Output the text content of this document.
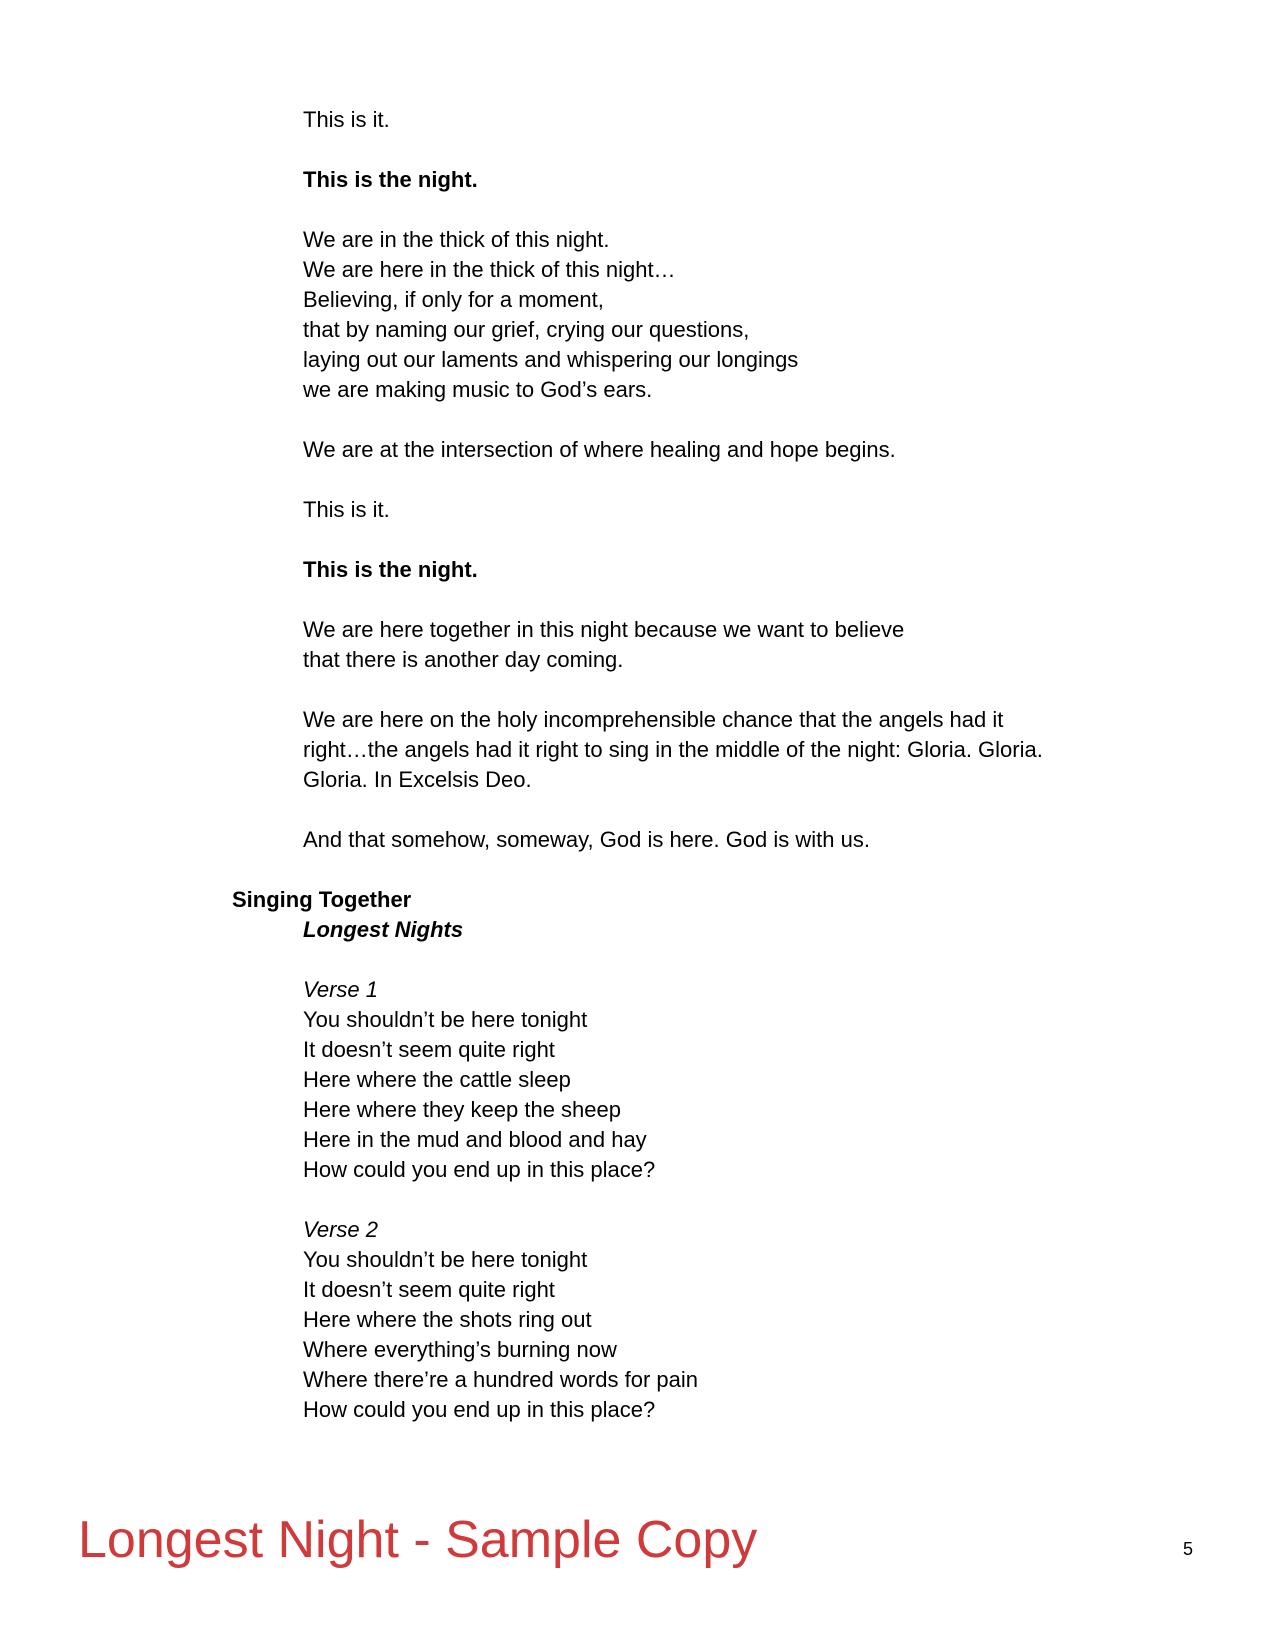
This is it.

This is the night.

We are in the thick of this night.

We are here in the thick of this night…

Believing, if only for a moment,

that by naming our grief, crying our questions,

laying out our laments and whispering our longings

we are making music to God’s ears.

We are at the intersection of where healing and hope begins.

This is it.

This is the night.

We are here together in this night because we want to believe

that there is another day coming.

We are here on the holy incomprehensible chance that the angels had it

right…the angels had it right to sing in the middle of the night: Gloria. Gloria.

Gloria. In Excelsis Deo.

And that somehow, someway, God is here. God is with us.

Singing Together

Longest Nights

Verse 1

You shouldn’t be here tonight

It doesn’t seem quite right

Here where the cattle sleep

Here where they keep the sheep

Here in the mud and blood and hay

How could you end up in this place?

Verse 2

You shouldn’t be here tonight

It doesn’t seem quite right

Here where the shots ring out

Where everything’s burning now

Where there’re a hundred words for pain

How could you end up in this place?

Longest Night - Sample Copy	5
